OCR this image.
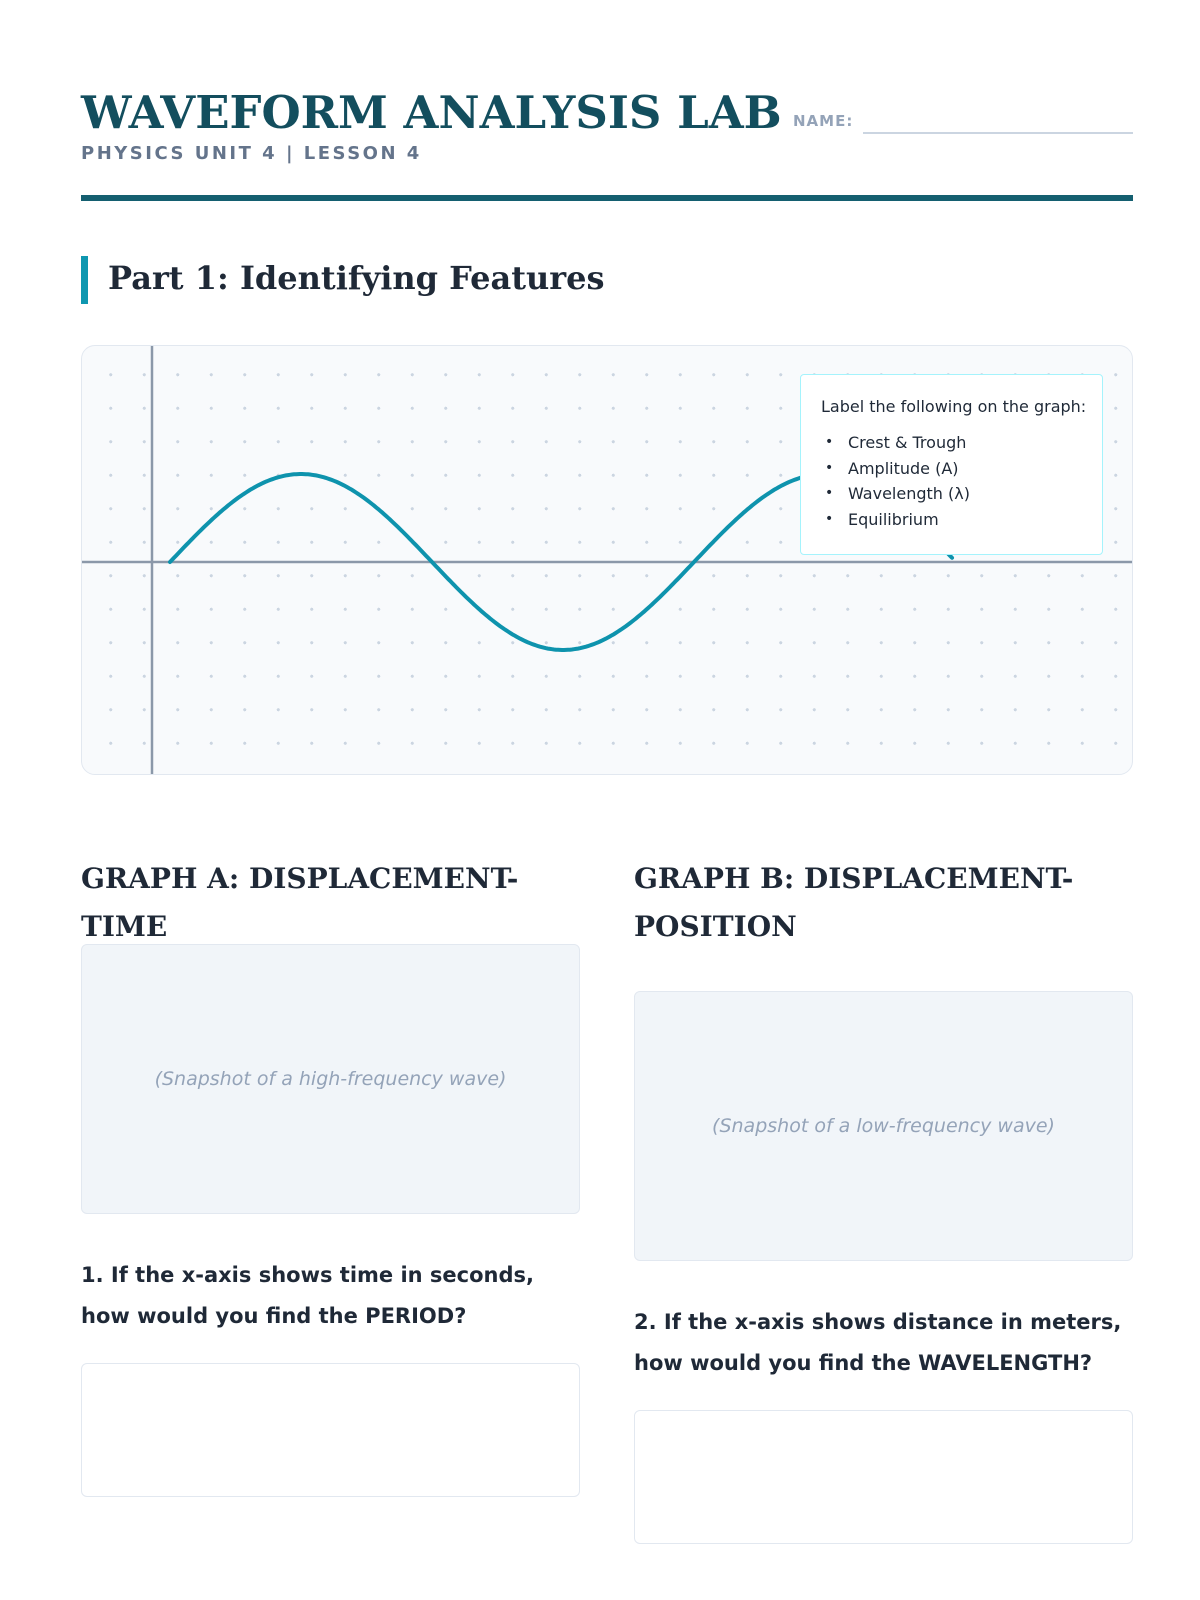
WAVEFORM ANALYSIS LAB
PHYSICS UNIT 4 | LESSON 4
NAME:
Part 1: Identifying Features
Label the following on the graph:
• Crest & Trough
• Amplitude (A)
• Wavelength (λ)
• Equilibrium
GRAPH A: DISPLACEMENT-TIME
(Snapshot of a high-frequency wave)

1. If the x-axis shows time in seconds, how would you find the PERIOD?

GRAPH B: DISPLACEMENT-POSITION
(Snapshot of a low-frequency wave)

2. If the x-axis shows distance in meters, how would you find the WAVELENGTH?
